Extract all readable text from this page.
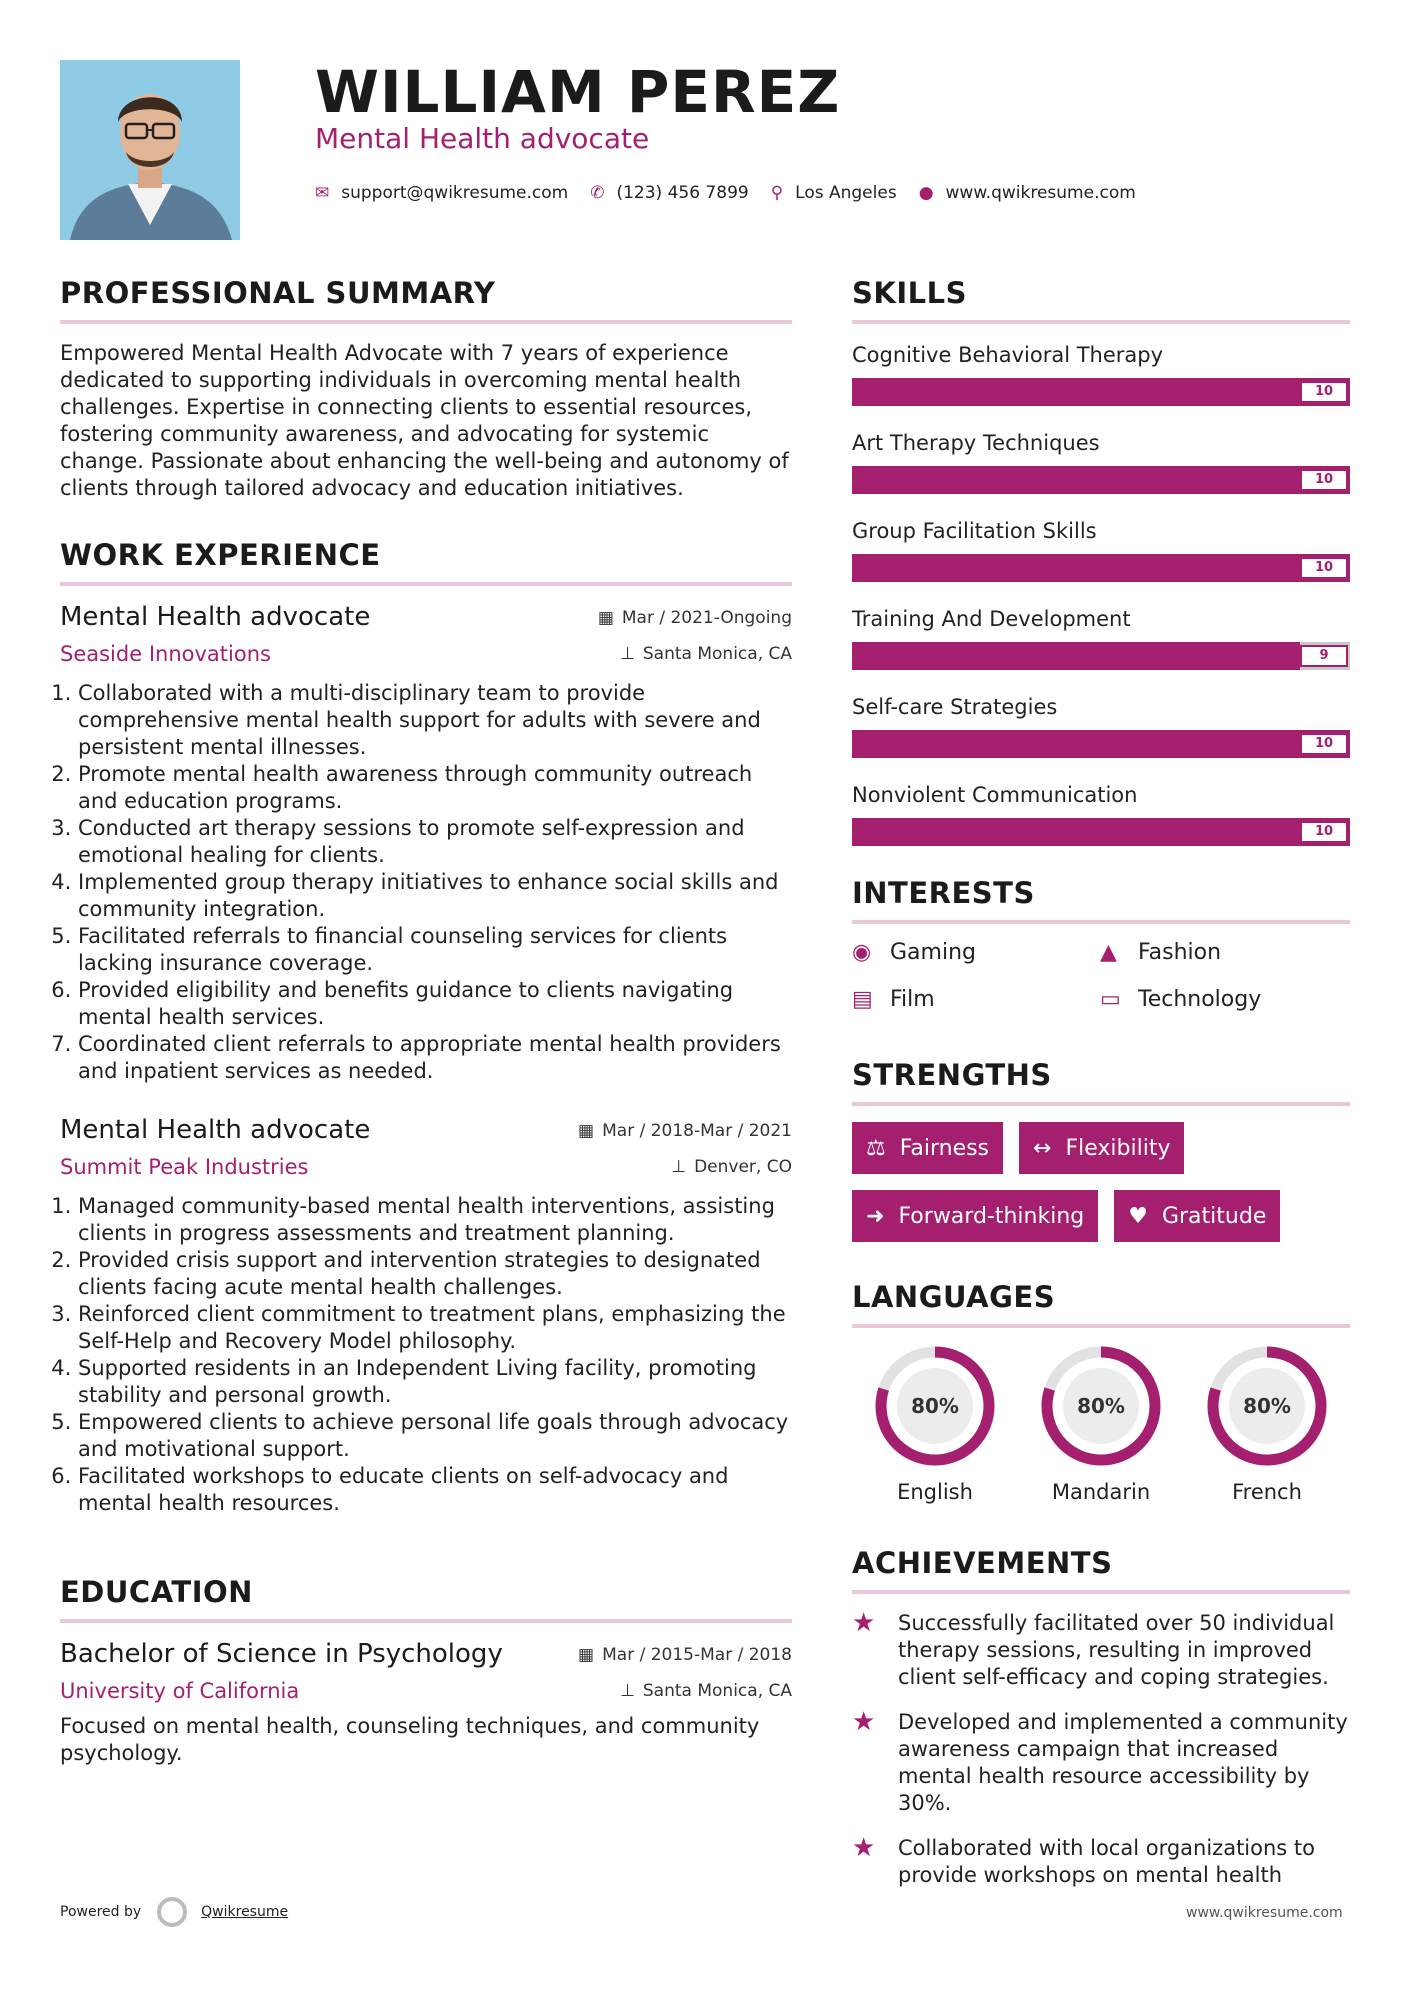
WILLIAM PEREZ
Mental Health advocate
✉ support@qwikresume.com ✆ (123) 456 7899 ⚲ Los Angeles ● www.qwikresume.com
PROFESSIONAL SUMMARY
Empowered Mental Health Advocate with 7 years of experience dedicated to supporting individuals in overcoming mental health challenges. Expertise in connecting clients to essential resources, fostering community awareness, and advocating for systemic change. Passionate about enhancing the well-being and autonomy of clients through tailored advocacy and education initiatives.
WORK EXPERIENCE
Mental Health advocate
Seaside Innovations
▦ Mar / 2021-Ongoing
⊥ Santa Monica, CA
1. Collaborated with a multi-disciplinary team to provide comprehensive mental health support for adults with severe and persistent mental illnesses.
2. Promote mental health awareness through community outreach and education programs.
3. Conducted art therapy sessions to promote self-expression and emotional healing for clients.
4. Implemented group therapy initiatives to enhance social skills and community integration.
5. Facilitated referrals to financial counseling services for clients lacking insurance coverage.
6. Provided eligibility and benefits guidance to clients navigating mental health services.
7. Coordinated client referrals to appropriate mental health providers and inpatient services as needed.
Mental Health advocate
Summit Peak Industries
▦ Mar / 2018-Mar / 2021
⊥ Denver, CO
1. Managed community-based mental health interventions, assisting clients in progress assessments and treatment planning.
2. Provided crisis support and intervention strategies to designated clients facing acute mental health challenges.
3. Reinforced client commitment to treatment plans, emphasizing the Self-Help and Recovery Model philosophy.
4. Supported residents in an Independent Living facility, promoting stability and personal growth.
5. Empowered clients to achieve personal life goals through advocacy and motivational support.
6. Facilitated workshops to educate clients on self-advocacy and mental health resources.
EDUCATION
Bachelor of Science in Psychology
University of California
▦ Mar / 2015-Mar / 2018
⊥ Santa Monica, CA
Focused on mental health, counseling techniques, and community psychology.
SKILLS
Cognitive Behavioral Therapy
10
Art Therapy Techniques
10
Group Facilitation Skills
10
Training And Development
9
Self-care Strategies
10
Nonviolent Communication
10
INTERESTS
◉ Gaming	▲ Fashion
▤ Film	▭ Technology
STRENGTHS
⚖ Fairness ↔ Flexibility
➜ Forward-thinking ♥ Gratitude
LANGUAGES
80%
English
80%
Mandarin
80%
French
ACHIEVEMENTS
★	Successfully facilitated over 50 individual therapy sessions, resulting in improved client self-efficacy and coping strategies.
★	Developed and implemented a community awareness campaign that increased mental health resource accessibility by 30%.
★	Collaborated with local organizations to provide workshops on mental health
Powered by	Qwikresume	www.qwikresume.com
